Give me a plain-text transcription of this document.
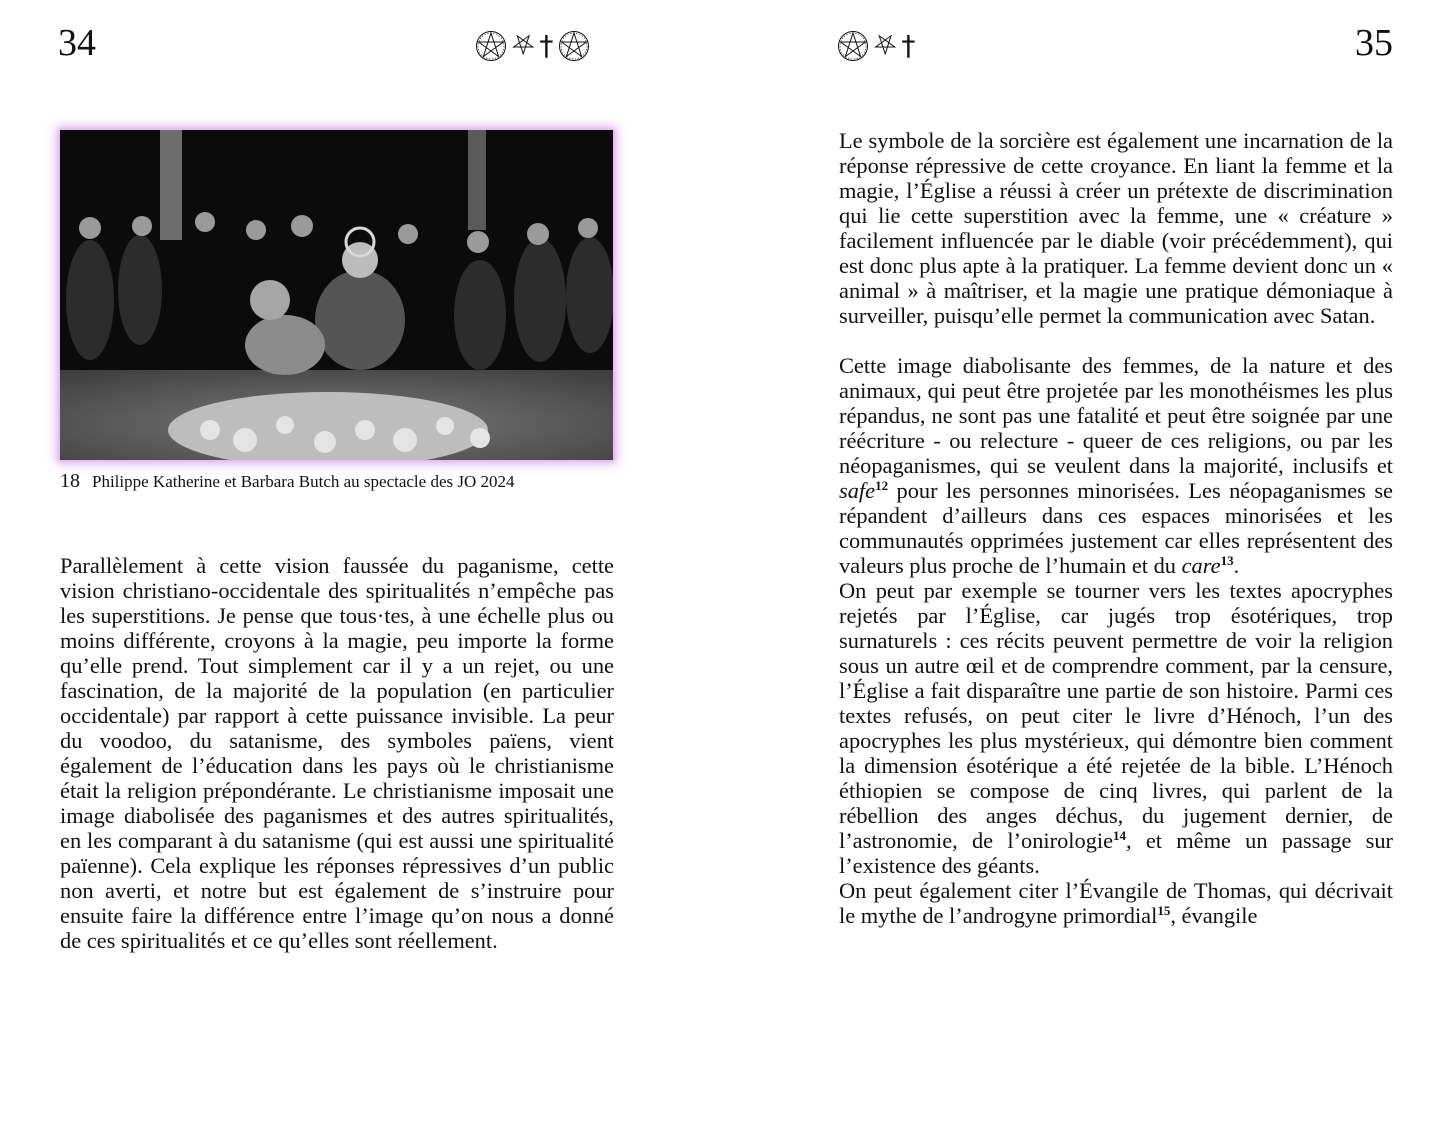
34	⛧ †
18 Philippe Katherine et Barbara Butch au spectacle des JO 2024

Parallèlement à cette vision faussée du paganisme, cette vision christiano-occidentale des spiritualités n’empêche pas les superstitions. Je pense que tous·tes, à une échelle plus ou moins différente, croyons à la magie, peu importe la forme qu’elle prend. Tout simplement car il y a un rejet, ou une fascination, de la majorité de la population (en particulier occidentale) par rapport à cette puissance invisible. La peur du voodoo, du satanisme, des symboles païens, vient également de l’éducation dans les pays où le christianisme était la religion prépondérante. Le christianisme imposait une image diabolisée des paganismes et des autres spiritualités, en les comparant à du satanisme (qui est aussi une spiritualité païenne). Cela explique les réponses répressives d’un public non averti, et notre but est également de s’instruire pour ensuite faire la différence entre l’image qu’on nous a donné de ces spiritualités et ce qu’elles sont réellement.

⛧ †	35

Le symbole de la sorcière est également une incarnation de la réponse répressive de cette croyance. En liant la femme et la magie, l’Église a réussi à créer un prétexte de discrimination qui lie cette superstition avec la femme, une « créature » facilement influencée par le diable (voir précédemment), qui est donc plus apte à la pratiquer. La femme devient donc un « animal » à maîtriser, et la magie une pratique démoniaque à surveiller, puisqu’elle permet la communication avec Satan.

Cette image diabolisante des femmes, de la nature et des animaux, qui peut être projetée par les monothéismes les plus répandus, ne sont pas une fatalité et peut être soignée par une réécriture - ou relecture - queer de ces religions, ou par les néopaganismes, qui se veulent dans la majorité, inclusifs et safe$^{12}$ pour les personnes minorisées. Les néopaganismes se répandent d’ailleurs dans ces espaces minorisées et les communautés opprimées justement car elles représentent des valeurs plus proche de l’humain et du care$^{13}$.

On peut par exemple se tourner vers les textes apocryphes rejetés par l’Église, car jugés trop ésotériques, trop surnaturels : ces récits peuvent permettre de voir la religion sous un autre œil et de comprendre comment, par la censure, l’Église a fait disparaître une partie de son histoire. Parmi ces textes refusés, on peut citer le livre d’Hénoch, l’un des apocryphes les plus mystérieux, qui démontre bien comment la dimension ésotérique a été rejetée de la bible. L’Hénoch éthiopien se compose de cinq livres, qui parlent de la rébellion des anges déchus, du jugement dernier, de l’astronomie, de l’onirologie$^{14}$, et même un passage sur l’existence des géants.

On peut également citer l’Évangile de Thomas, qui décrivait le mythe de l’androgyne primordial$^{15}$, évangile
